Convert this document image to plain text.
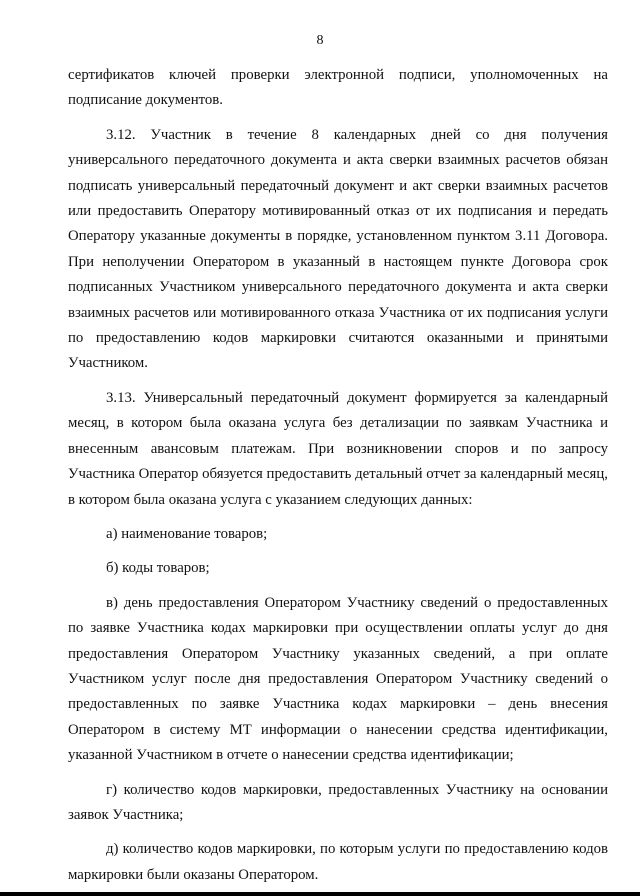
8

сертификатов ключей проверки электронной подписи, уполномоченных на подписание документов.

3.12. Участник в течение 8 календарных дней со дня получения универсального передаточного документа и акта сверки взаимных расчетов обязан подписать универсальный передаточный документ и акт сверки взаимных расчетов или предоставить Оператору мотивированный отказ от их подписания и передать Оператору указанные документы в порядке, установленном пунктом 3.11 Договора. При неполучении Оператором в указанный в настоящем пункте Договора срок подписанных Участником универсального передаточного документа и акта сверки взаимных расчетов или мотивированного отказа Участника от их подписания услуги по предоставлению кодов маркировки считаются оказанными и принятыми Участником.

3.13. Универсальный передаточный документ формируется за календарный месяц, в котором была оказана услуга без детализации по заявкам Участника и внесенным авансовым платежам. При возникновении споров и по запросу Участника Оператор обязуется предоставить детальный отчет за календарный месяц, в котором была оказана услуга с указанием следующих данных:

а) наименование товаров;

б) коды товаров;

в) день предоставления Оператором Участнику сведений о предоставленных по заявке Участника кодах маркировки при осуществлении оплаты услуг до дня предоставления Оператором Участнику указанных сведений, а при оплате Участником услуг после дня предоставления Оператором Участнику сведений о предоставленных по заявке Участника кодах маркировки – день внесения Оператором в систему МТ информации о нанесении средства идентификации, указанной Участником в отчете о нанесении средства идентификации;

г) количество кодов маркировки, предоставленных Участнику на основании заявок Участника;

д) количество кодов маркировки, по которым услуги по предоставлению кодов маркировки были оказаны Оператором.
